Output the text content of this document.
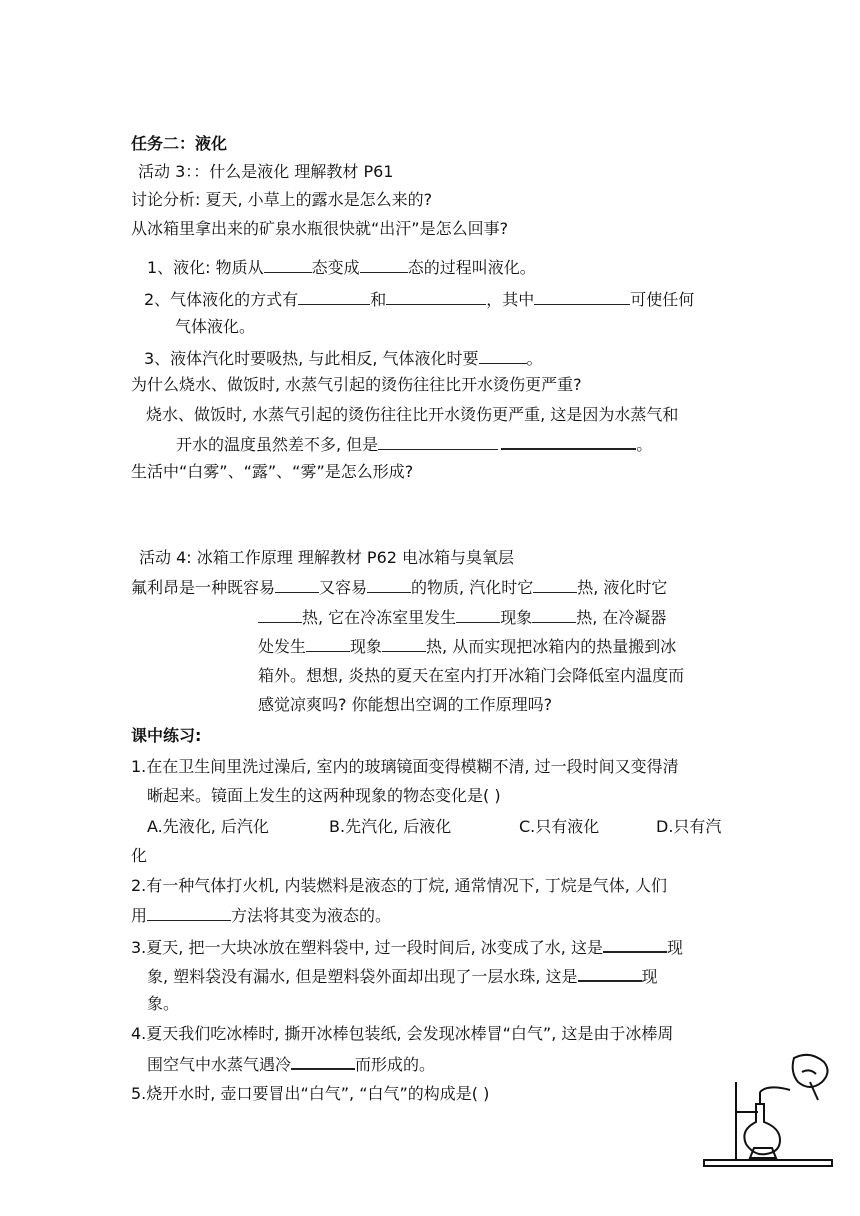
任务二：液化
活动 3：：什么是液化 理解教材 P61
讨论分析: 夏天, 小草上的露水是怎么来的?
从冰箱里拿出来的矿泉水瓶很快就“出汗”是怎么回事?
1、液化: 物质从	态变成	态的过程叫液化。
2、气体液化的方式有	和	，其中	可使任何
气体液化。
3、液体汽化时要吸热, 与此相反, 气体液化时要	。
为什么烧水、做饭时, 水蒸气引起的烫伤往往比开水烫伤更严重?
烧水、做饭时, 水蒸气引起的烫伤往往比开水烫伤更严重, 这是因为水蒸气和
开水的温度虽然差不多, 但是	。
生活中“白雾”、“露”、“雾”是怎么形成?
活动 4: 冰箱工作原理 理解教材 P62 电冰箱与臭氧层
氟利昂是一种既容易	又容易	的物质, 汽化时它	热, 液化时它
热, 它在冷冻室里发生	现象	热, 在冷凝器
处发生	现象	热, 从而实现把冰箱内的热量搬到冰
箱外。想想, 炎热的夏天在室内打开冰箱门会降低室内温度而
感觉凉爽吗? 你能想出空调的工作原理吗?
课中练习:
1.在在卫生间里洗过澡后, 室内的玻璃镜面变得模糊不清, 过一段时间又变得清
晰起来。镜面上发生的这两种现象的物态变化是( )
A.先液化, 后汽化	B.先汽化, 后液化	C.只有液化	D.只有汽
化
2.有一种气体打火机, 内装燃料是液态的丁烷, 通常情况下, 丁烷是气体, 人们
用	方法将其变为液态的。
3.夏天, 把一大块冰放在塑料袋中, 过一段时间后, 冰变成了水, 这是	现
象, 塑料袋没有漏水, 但是塑料袋外面却出现了一层水珠, 这是	现
象。
4.夏天我们吃冰棒时, 撕开冰棒包装纸, 会发现冰棒冒“白气”, 这是由于冰棒周
围空气中水蒸气遇冷	而形成的。
5.烧开水时, 壶口要冒出“白气”, “白气”的构成是( )
